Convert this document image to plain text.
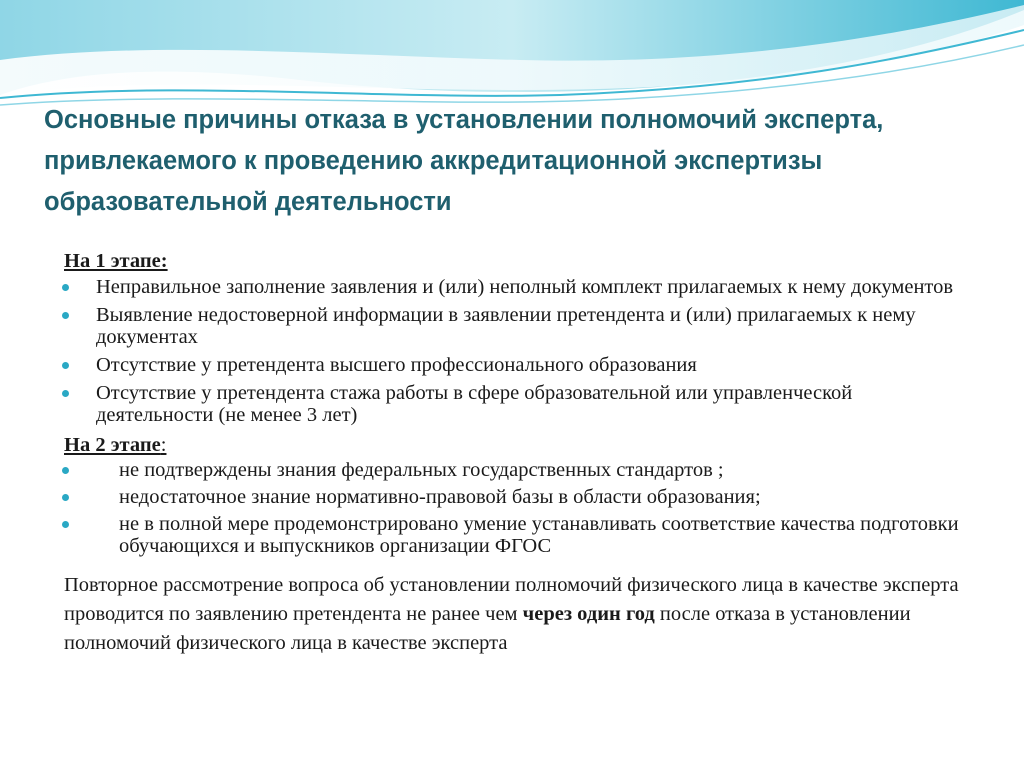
Основные причины отказа в установлении полномочий эксперта, привлекаемого к проведению аккредитационной экспертизы образовательной деятельности

На 1 этапе:

Неправильное заполнение заявления и (или) неполный комплект прилагаемых к нему документов
Выявление недостоверной информации в заявлении претендента и (или) прилагаемых к нему документах
Отсутствие у претендента высшего профессионального образования
Отсутствие у претендента стажа работы в сфере образовательной или управленческой деятельности (не менее 3 лет)

На 2 этапе:

не подтверждены знания федеральных государственных стандартов ;
недостаточное знание нормативно-правовой базы в области образования;
не в полной мере продемонстрировано умение устанавливать соответствие качества подготовки обучающихся и выпускников организации ФГОС
Повторное рассмотрение вопроса об установлении полномочий физического лица в качестве эксперта проводится по заявлению претендента не ранее чем через один год после отказа в установлении полномочий физического лица в качестве эксперта
